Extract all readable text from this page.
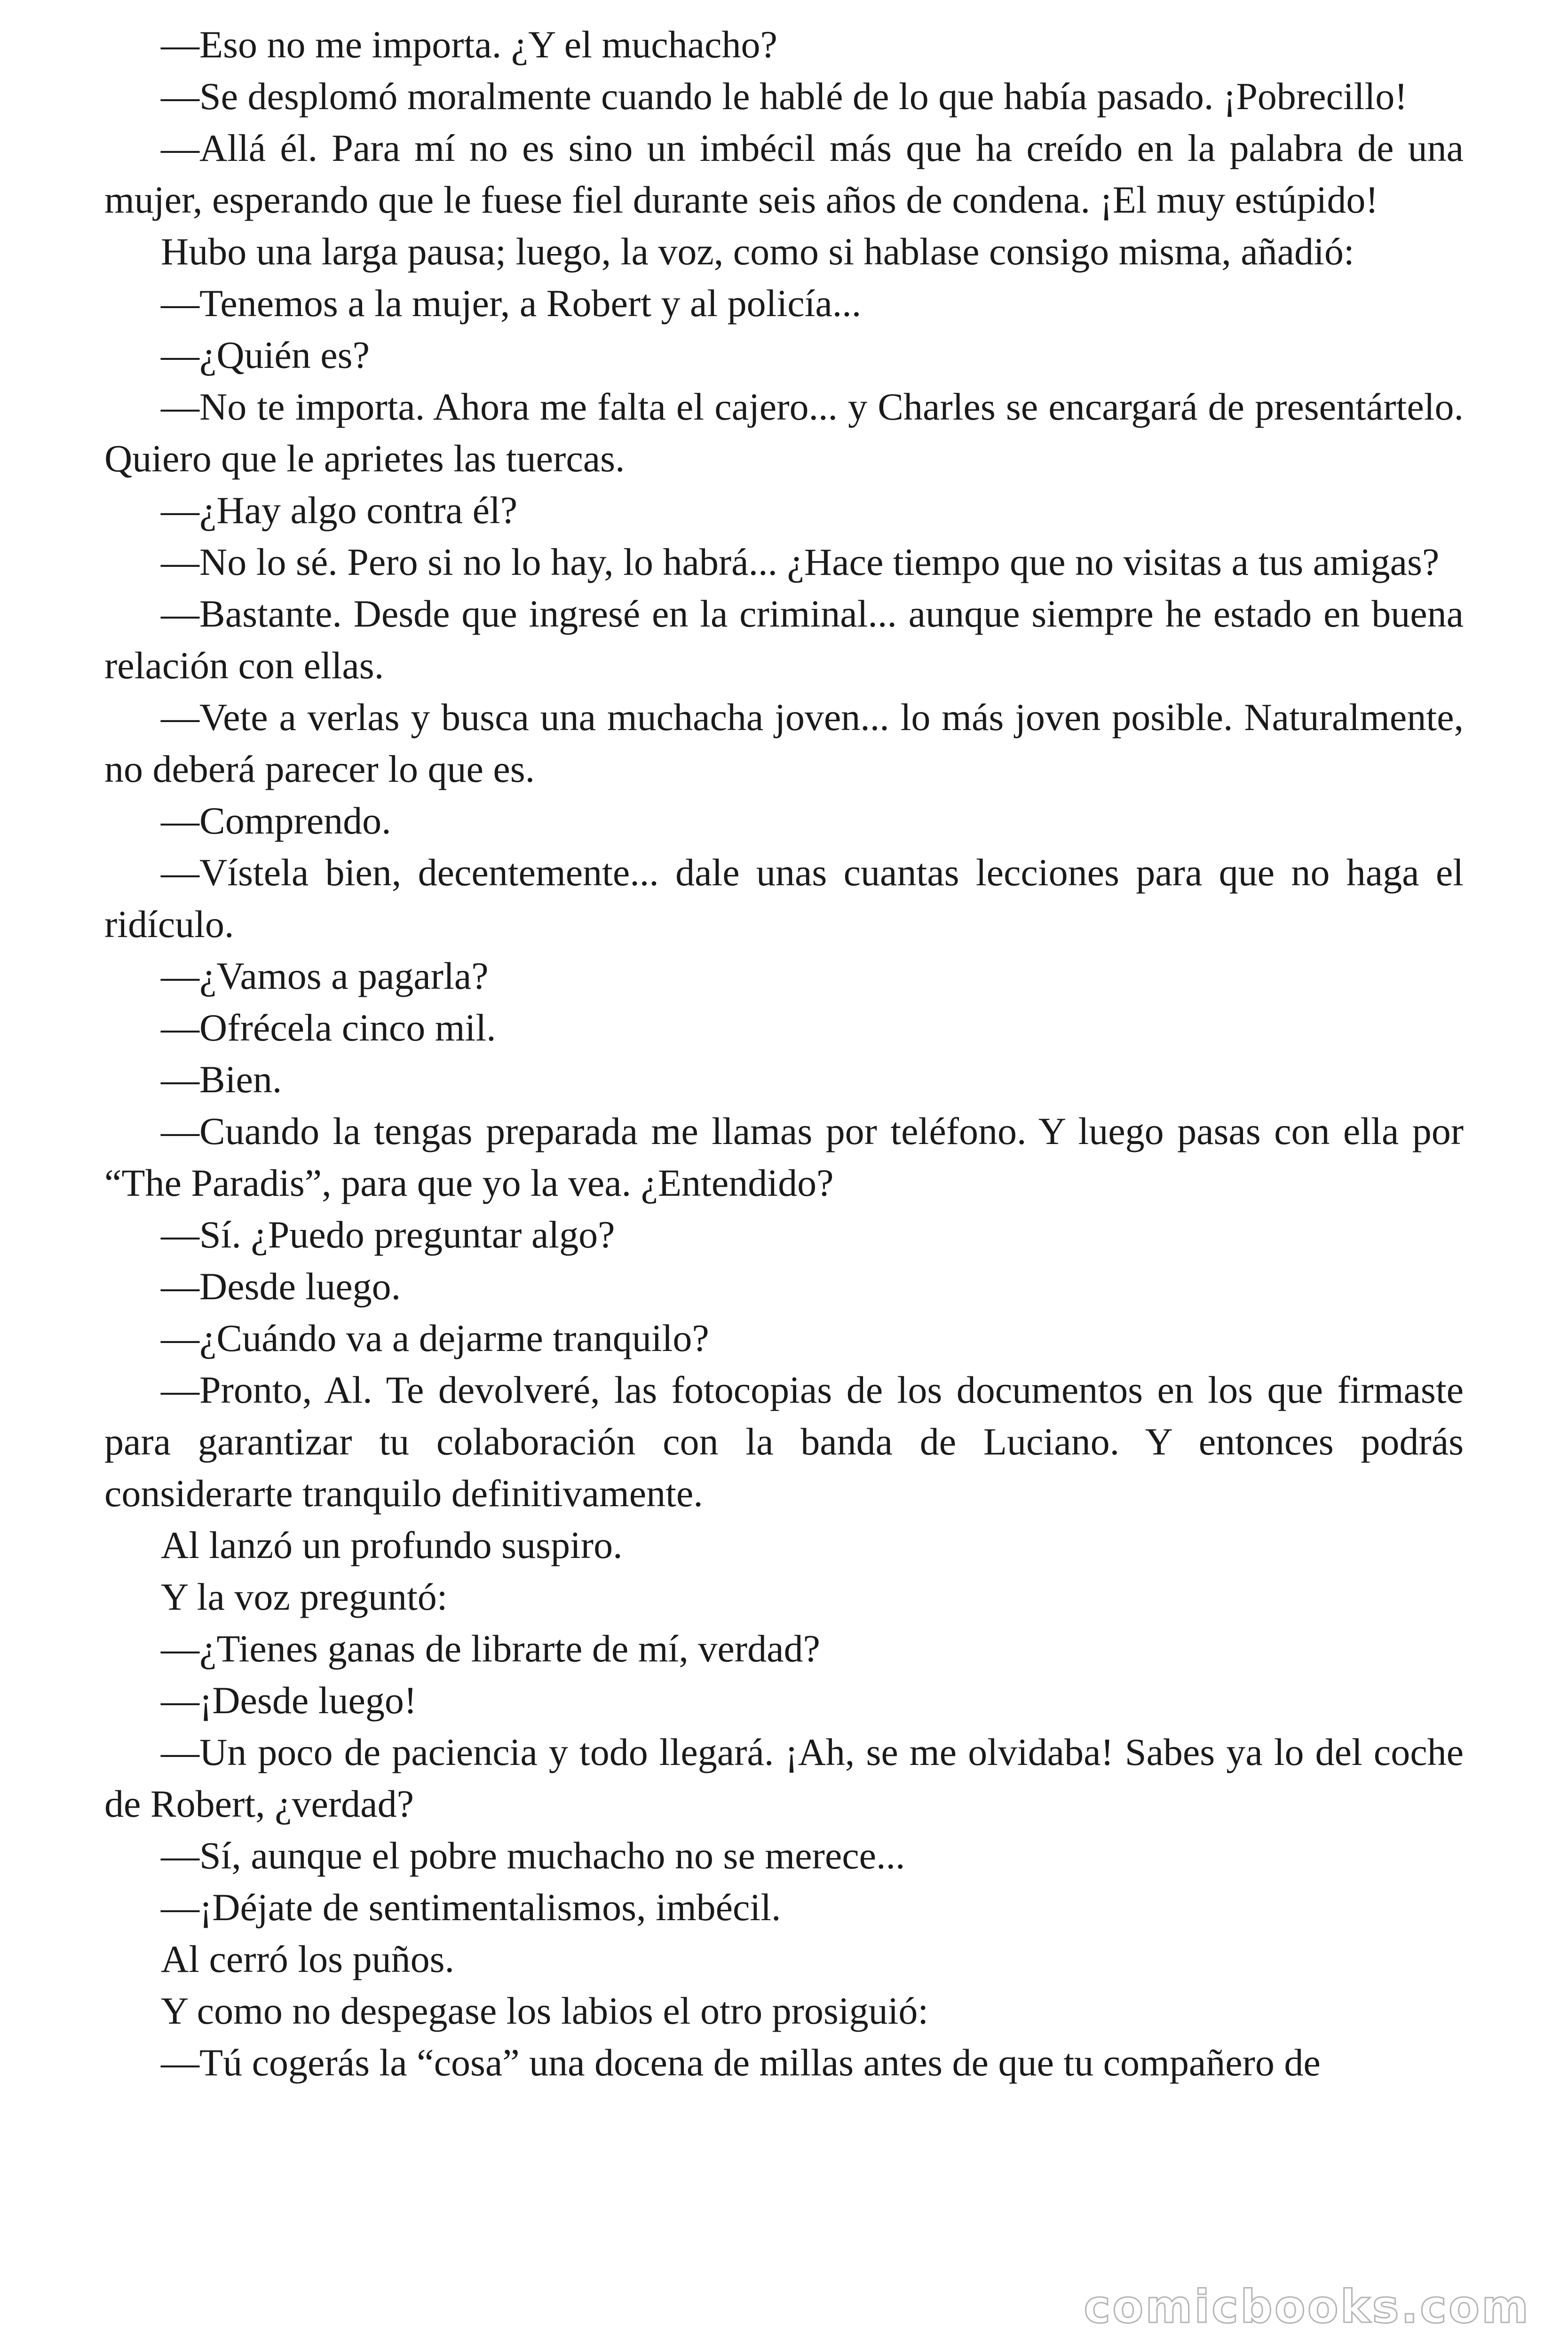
—Eso no me importa. ¿Y el muchacho?

—Se desplomó moralmente cuando le hablé de lo que había pasado. ¡Pobrecillo!

—Allá él. Para mí no es sino un imbécil más que ha creído en la palabra de una mujer, esperando que le fuese fiel durante seis años de condena. ¡El muy estúpido!

Hubo una larga pausa; luego, la voz, como si hablase consigo misma, añadió:

—Tenemos a la mujer, a Robert y al policía...

—¿Quién es?

—No te importa. Ahora me falta el cajero... y Charles se encargará de presentártelo. Quiero que le aprietes las tuercas.

—¿Hay algo contra él?

—No lo sé. Pero si no lo hay, lo habrá... ¿Hace tiempo que no visitas a tus amigas?

—Bastante. Desde que ingresé en la criminal... aunque siempre he estado en buena relación con ellas.

—Vete a verlas y busca una muchacha joven... lo más joven posible. Naturalmente, no deberá parecer lo que es.

—Comprendo.

—Vístela bien, decentemente... dale unas cuantas lecciones para que no haga el ridículo.

—¿Vamos a pagarla?

—Ofrécela cinco mil.

—Bien.

—Cuando la tengas preparada me llamas por teléfono. Y luego pasas con ella por “The Paradis”, para que yo la vea. ¿Entendido?

—Sí. ¿Puedo preguntar algo?

—Desde luego.

—¿Cuándo va a dejarme tranquilo?

—Pronto, Al. Te devolveré, las fotocopias de los documentos en los que firmaste para garantizar tu colaboración con la banda de Luciano. Y entonces podrás considerarte tranquilo definitivamente.

Al lanzó un profundo suspiro.

Y la voz preguntó:

—¿Tienes ganas de librarte de mí, verdad?

—¡Desde luego!

—Un poco de paciencia y todo llegará. ¡Ah, se me olvidaba! Sabes ya lo del coche de Robert, ¿verdad?

—Sí, aunque el pobre muchacho no se merece...

—¡Déjate de sentimentalismos, imbécil.

Al cerró los puños.

Y como no despegase los labios el otro prosiguió:

—Tú cogerás la “cosa” una docena de millas antes de que tu compañero de

comicbooks.com
